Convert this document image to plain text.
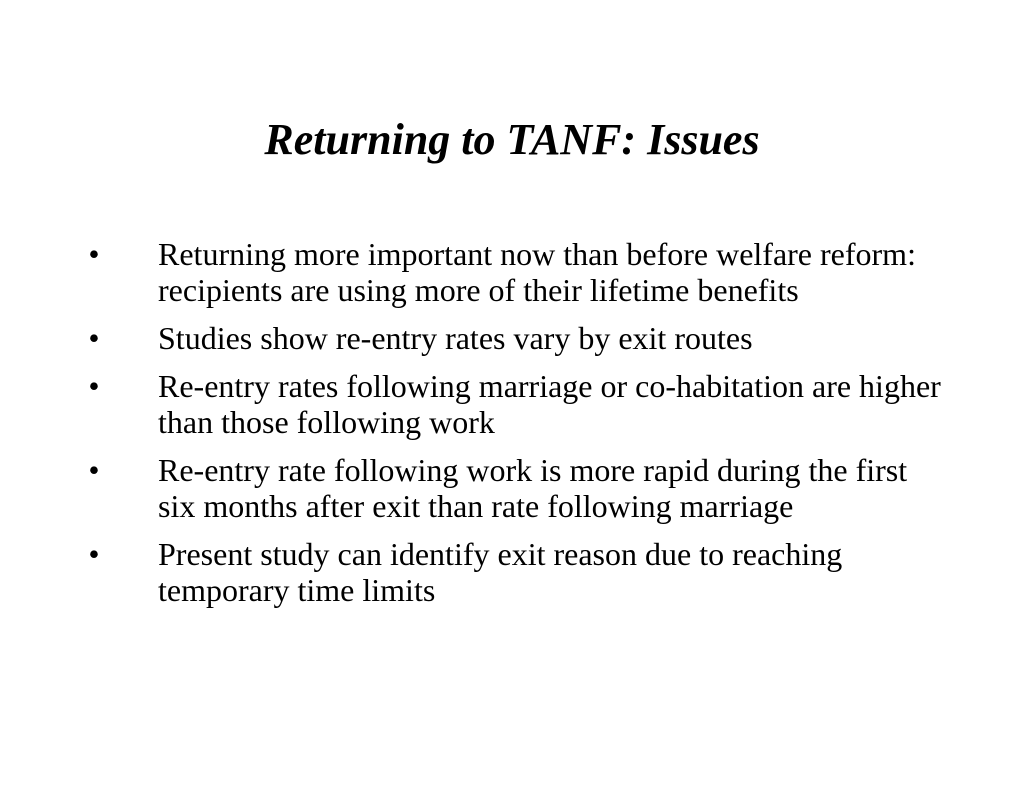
Returning to TANF: Issues
• Returning more important now than before welfare reform: recipients are using more of their lifetime benefits
• Studies show re-entry rates vary by exit routes
• Re-entry rates following marriage or co-habitation are higher than those following work
• Re-entry rate following work is more rapid during the first six months after exit than rate following marriage
• Present study can identify exit reason due to reaching temporary time limits
